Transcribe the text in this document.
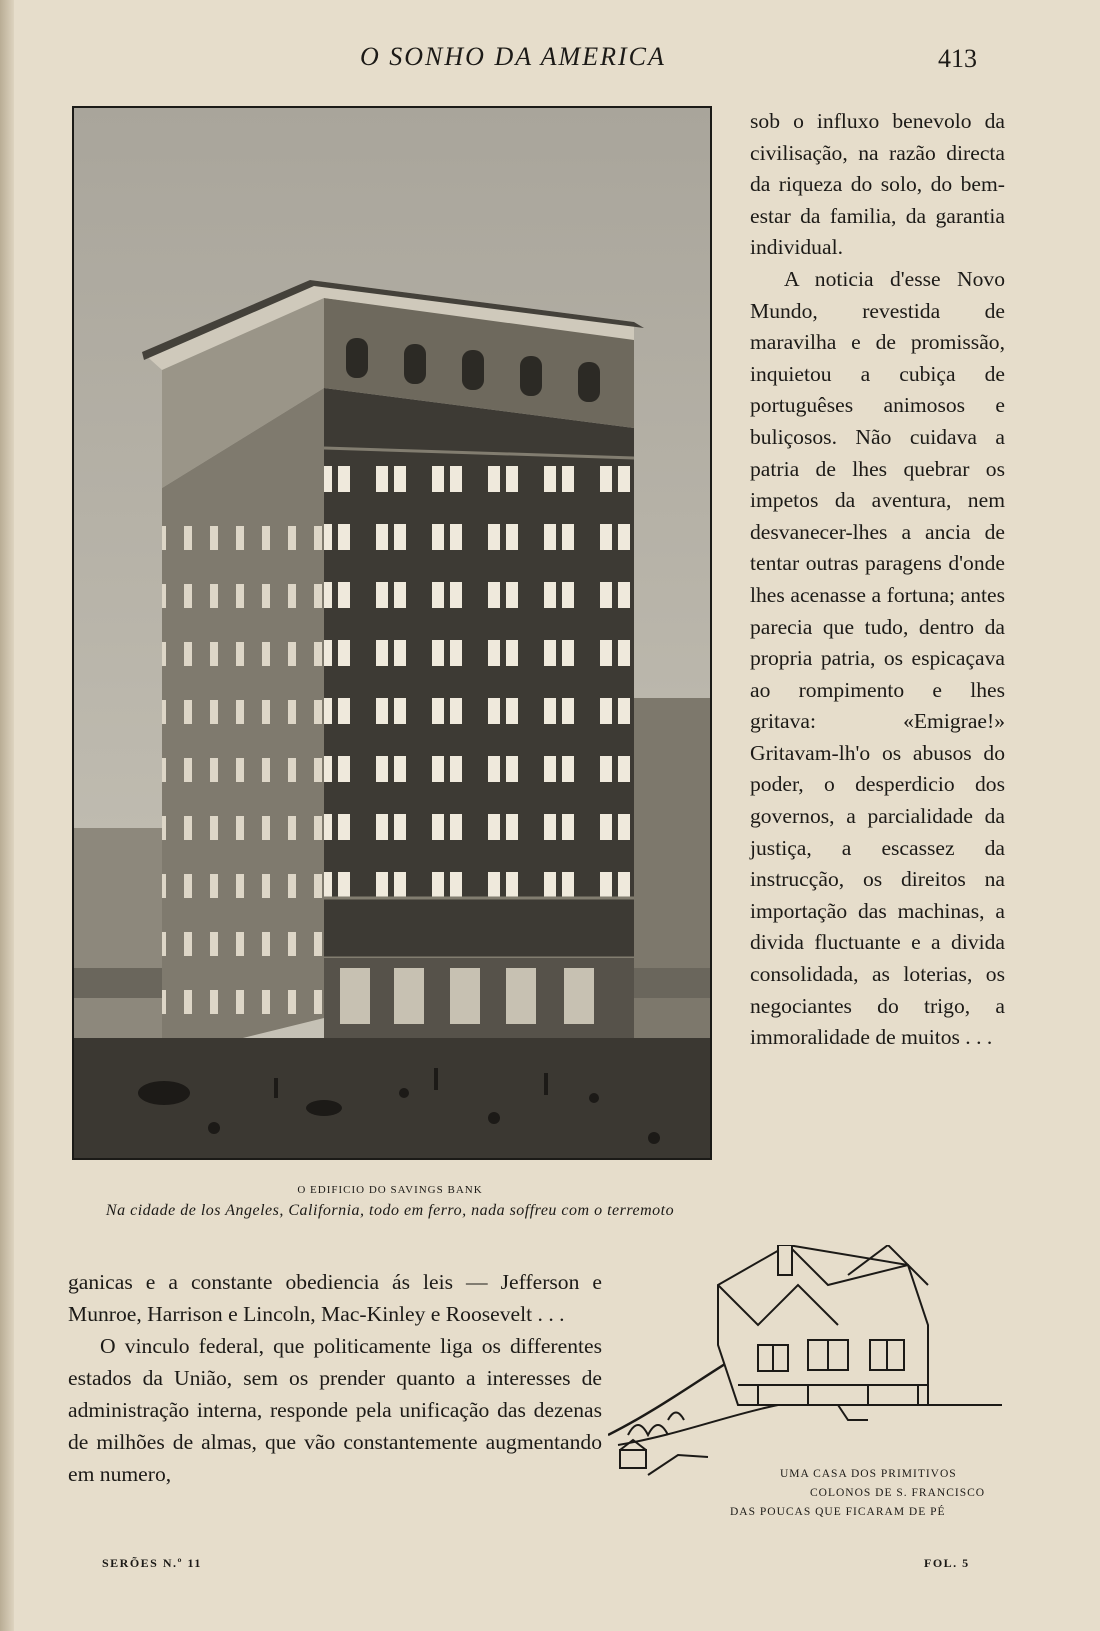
O SONHO DA AMERICA	413
O EDIFICIO DO SAVINGS BANK
Na cidade de los Angeles, California, todo em ferro, nada soffreu com o terremoto

sob o influxo benevolo da civilisação, na razão directa da riqueza do solo, do bem-estar da familia, da garantia individual.

A noticia d'esse Novo Mundo, revestida de maravilha e de promissão, inquietou a cubiça de portuguêses animosos e buliçosos. Não cuidava a patria de lhes quebrar os impetos da aventura, nem desvanecer-lhes a ancia de tentar outras paragens d'onde lhes acenasse a fortuna; antes parecia que tudo, dentro da propria patria, os espicaçava ao rompimento e lhes gritava: «Emigrae!» Gritavam-lh'o os abusos do poder, o desperdicio dos governos, a parcialidade da justiça, a escassez da instrucção, os direitos na importação das machinas, a divida fluctuante e a divida consolidada, as loterias, os negociantes do trigo, a immoralidade de muitos . . .

ganicas e a constante obediencia ás leis — Jefferson e Munroe, Harrison e Lincoln, Mac-Kinley e Roosevelt . . .

O vinculo federal, que politicamente liga os differentes estados da União, sem os prender quanto a interesses de administração interna, responde pela unificação das dezenas de milhões de almas, que vão constantemente augmentando em numero,	UMA CASA DOS PRIMITIVOS
COLONOS DE S. FRANCISCO
DAS POUCAS QUE FICARAM DE PÉ
SERÕES N.º 11	FOL. 5
